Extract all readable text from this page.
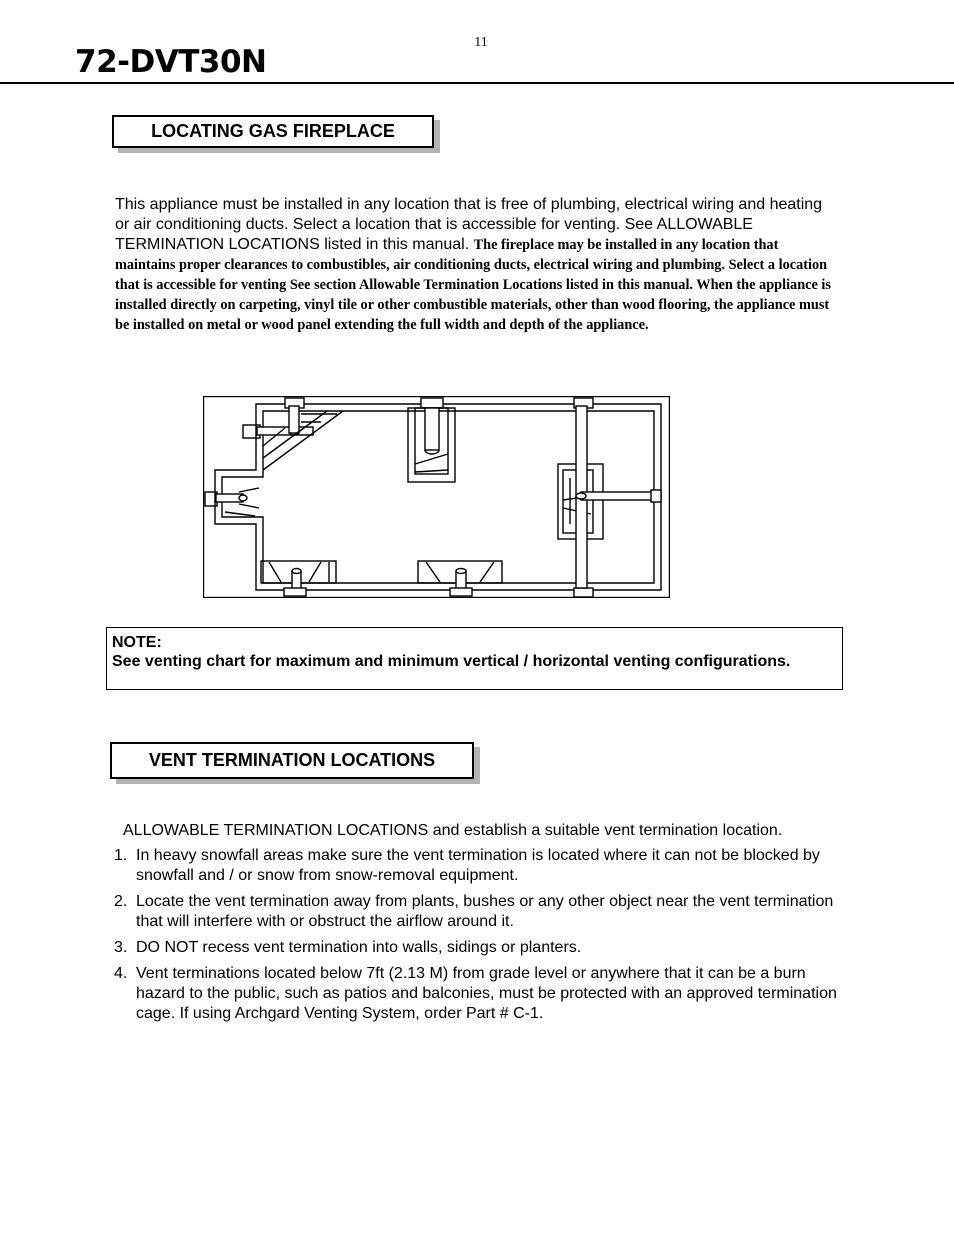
11
72-DVT30N
LOCATING GAS FIREPLACE
This appliance must be installed in any location that is free of plumbing, electrical wiring and heating or air conditioning ducts. Select a location that is accessible for venting. See ALLOWABLE TERMINATION LOCATIONS listed in this manual. The fireplace may be installed in any location that maintains proper clearances to combustibles, air conditioning ducts, electrical wiring and plumbing. Select a location that is accessible for venting See section Allowable Termination Locations listed in this manual. When the appliance is installed directly on carpeting, vinyl tile or other combustible materials, other than wood flooring, the appliance must be installed on metal or wood panel extending the full width and depth of the appliance.
NOTE:
See venting chart for maximum and minimum vertical / horizontal venting configurations.
VENT TERMINATION LOCATIONS
ALLOWABLE TERMINATION LOCATIONS and establish a suitable vent termination location.
1. In heavy snowfall areas make sure the vent termination is located where it can not be blocked by snowfall and / or snow from snow-removal equipment.
2. Locate the vent termination away from plants, bushes or any other object near the vent termination that will interfere with or obstruct the airflow around it.
3. DO NOT recess vent termination into walls, sidings or planters.
4. Vent terminations located below 7ft (2.13 M) from grade level or anywhere that it can be a burn hazard to the public, such as patios and balconies, must be protected with an approved termination cage. If using Archgard Venting System, order Part # C-1.
